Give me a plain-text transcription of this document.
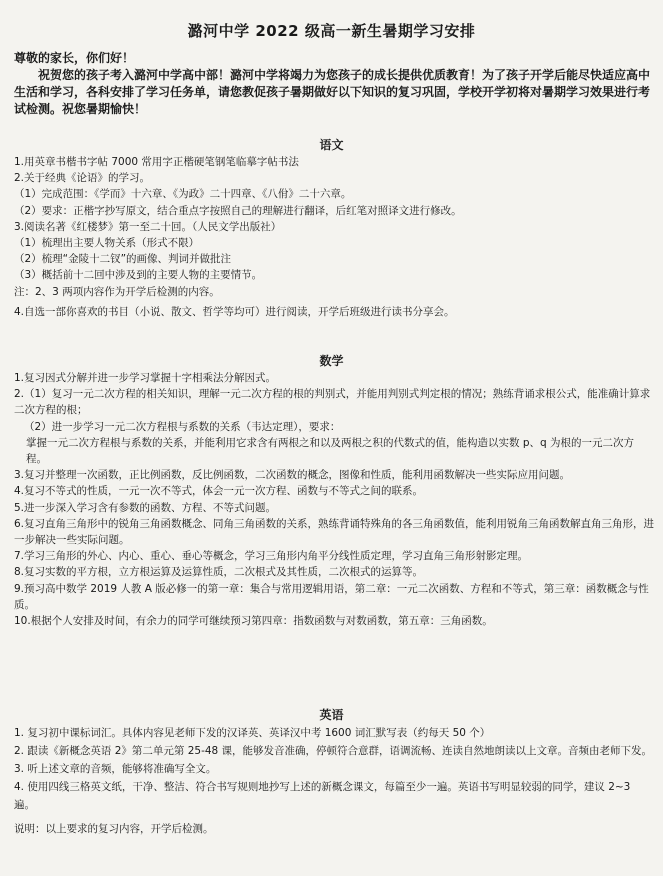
潞河中学 2022 级高一新生暑期学习安排
尊敬的家长，你们好！
祝贺您的孩子考入潞河中学高中部！潞河中学将竭力为您孩子的成长提供优质教育！为了孩子开学后能尽快适应高中生活和学习，各科安排了学习任务单，请您教促孩子暑期做好以下知识的复习巩固，学校开学初将对暑期学习效果进行考试检测。祝您暑期愉快！
语文
1.用英章书楷书字帖 7000 常用字正楷硬笔钢笔临摹字帖书法
2.关于经典《论语》的学习。
（1）完成范围：《学而》十六章、《为政》二十四章、《八佾》二十六章。
（2）要求：正楷字抄写原文，结合重点字按照自己的理解进行翻译，后红笔对照译文进行修改。
3.阅读名著《红楼梦》第一至二十回。（人民文学出版社）
（1）梳理出主要人物关系（形式不限）
（2）梳理“金陵十二钗”的画像、判词并做批注
（3）概括前十二回中涉及到的主要人物的主要情节。
注：2、3 两项内容作为开学后检测的内容。
4.自选一部你喜欢的书目（小说、散文、哲学等均可）进行阅读，开学后班级进行读书分享会。
数学
1.复习因式分解并进一步学习掌握十字相乘法分解因式。
2.（1）复习一元二次方程的相关知识，理解一元二次方程的根的判别式，并能用判别式判定根的情况；熟练背诵求根公式，能准确计算求二次方程的根；
（2）进一步学习一元二次方程根与系数的关系（韦达定理），要求：
掌握一元二次方程根与系数的关系，并能利用它求含有两根之和以及两根之积的代数式的值，能构造以实数 p、q 为根的一元二次方程。
3.复习并整理一次函数，正比例函数，反比例函数，二次函数的概念，图像和性质，能利用函数解决一些实际应用问题。
4.复习不等式的性质，一元一次不等式，体会一元一次方程、函数与不等式之间的联系。
5.进一步深入学习含有参数的函数、方程、不等式问题。
6.复习直角三角形中的锐角三角函数概念、同角三角函数的关系，熟练背诵特殊角的各三角函数值，能利用锐角三角函数解直角三角形，进一步解决一些实际问题。
7.学习三角形的外心、内心、重心、垂心等概念，学习三角形内角平分线性质定理，学习直角三角形射影定理。
8.复习实数的平方根，立方根运算及运算性质，二次根式及其性质，二次根式的运算等。
9.预习高中数学 2019 人教 A 版必修一的第一章：集合与常用逻辑用语，第二章：一元二次函数、方程和不等式，第三章：函数概念与性质。
10.根据个人安排及时间，有余力的同学可继续预习第四章：指数函数与对数函数，第五章：三角函数。
英语
1. 复习初中课标词汇。具体内容见老师下发的汉译英、英译汉中考 1600 词汇默写表（约每天 50 个）
2. 跟读《新概念英语 2》第二单元第 25-48 课，能够发音准确，停顿符合意群，语调流畅、连读自然地朗读以上文章。音频由老师下发。
3. 听上述文章的音频，能够将准确写全文。
4. 使用四线三格英文纸，干净、整洁、符合书写规则地抄写上述的新概念课文，每篇至少一遍。英语书写明显较弱的同学，建议 2~3 遍。
说明：以上要求的复习内容，开学后检测。
